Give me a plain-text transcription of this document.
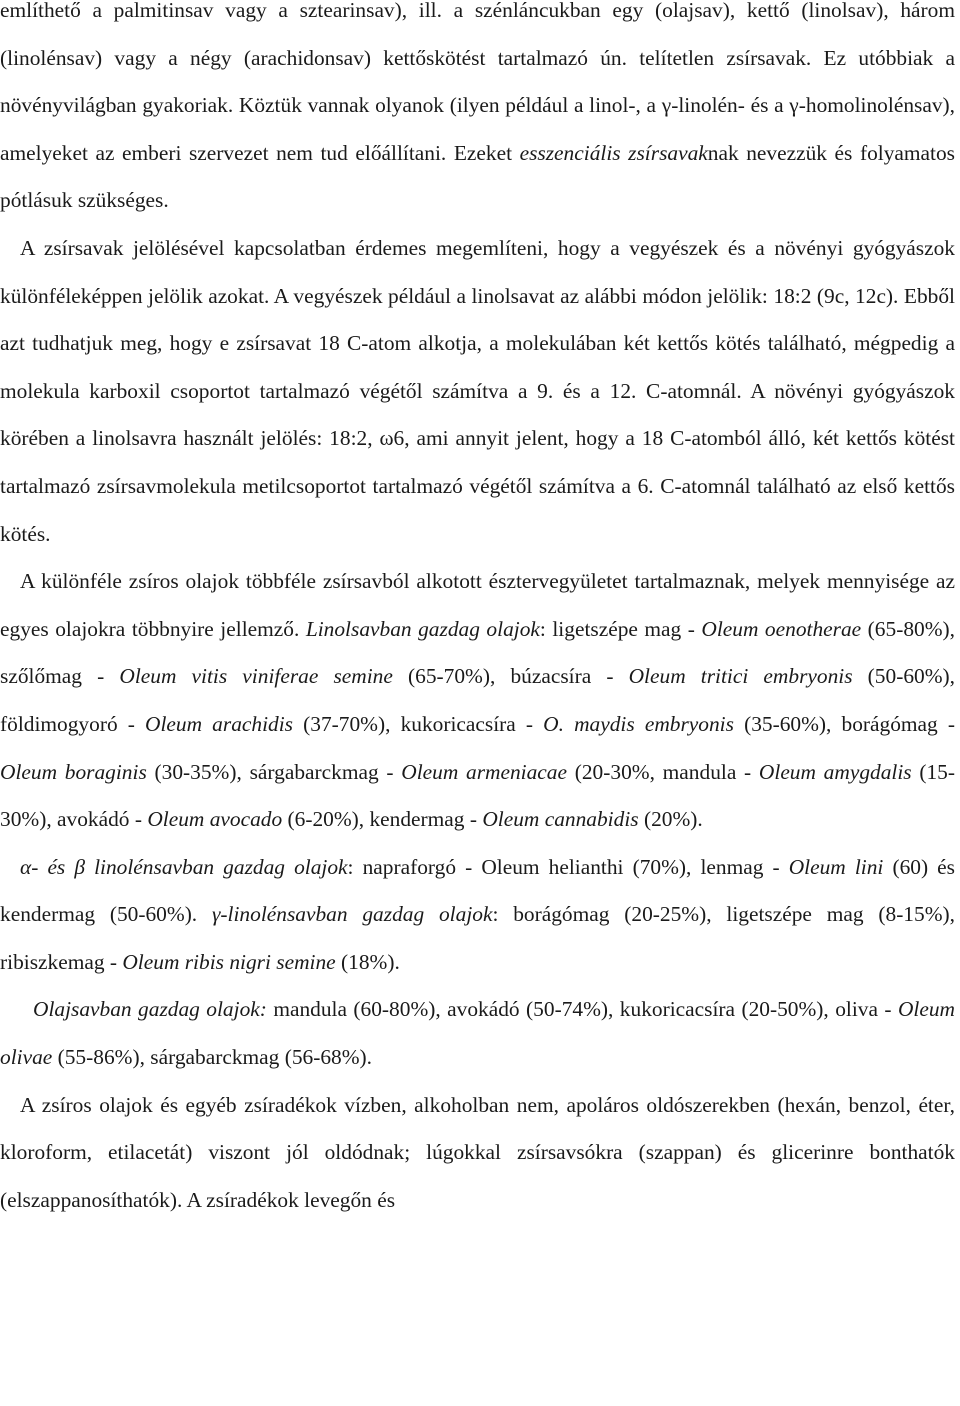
említhető a palmitinsav vagy a sztearinsav), ill. a szénláncukban egy (olajsav), kettő (linolsav), három (linolénsav) vagy a négy (arachidonsav) kettőskötést tartalmazó ún. telítetlen zsírsavak. Ez utóbbiak a növényvilágban gyakoriak. Köztük vannak olyanok (ilyen például a linol-, a γ-linolén- és a γ-homolinolénsav), amelyeket az emberi szervezet nem tud előállítani. Ezeket esszenciális zsírsavaknak nevezzük és folyamatos pótlásuk szükséges.

A zsírsavak jelölésével kapcsolatban érdemes megemlíteni, hogy a vegyészek és a növényi gyógyászok különféleképpen jelölik azokat. A vegyészek például a linolsavat az alábbi módon jelölik: 18:2 (9c, 12c). Ebből azt tudhatjuk meg, hogy e zsírsavat 18 C-atom alkotja, a molekulában két kettős kötés található, mégpedig a molekula karboxil csoportot tartalmazó végétől számítva a 9. és a 12. C-atomnál. A növényi gyógyászok körében a linolsavra használt jelölés: 18:2, ω6, ami annyit jelent, hogy a 18 C-atomból álló, két kettős kötést tartalmazó zsírsavmolekula metilcsoportot tartalmazó végétől számítva a 6. C-atomnál található az első kettős kötés.

A különféle zsíros olajok többféle zsírsavból alkotott észtervegyületet tartalmaznak, melyek mennyisége az egyes olajokra többnyire jellemző. Linolsavban gazdag olajok: ligetszépe mag - Oleum oenotherae (65-80%), szőlőmag - Oleum vitis viniferae semine (65-70%), búzacsíra - Oleum tritici embryonis (50-60%), földimogyoró - Oleum arachidis (37-70%), kukoricacsíra - O. maydis embryonis (35-60%), borágómag - Oleum boraginis (30-35%), sárgabarckmag - Oleum armeniacae (20-30%, mandula - Oleum amygdalis (15-30%), avokádó - Oleum avocado (6-20%), kendermag - Oleum cannabidis (20%).

α- és β linolénsavban gazdag olajok: napraforgó - Oleum helianthi (70%), lenmag - Oleum lini (60) és kendermag (50-60%). γ-linolénsavban gazdag olajok: borágómag (20-25%), ligetszépe mag (8-15%), ribiszkemag - Oleum ribis nigri semine (18%).

Olajsavban gazdag olajok: mandula (60-80%), avokádó (50-74%), kukoricacsíra (20-50%), oliva - Oleum olivae (55-86%), sárgabarckmag (56-68%).

A zsíros olajok és egyéb zsíradékok vízben, alkoholban nem, apoláros oldószerekben (hexán, benzol, éter, kloroform, etilacetát) viszont jól oldódnak; lúgokkal zsírsavsókra (szappan) és glicerinre bonthatók (elszappanosíthatók). A zsíradékok levegőn és
